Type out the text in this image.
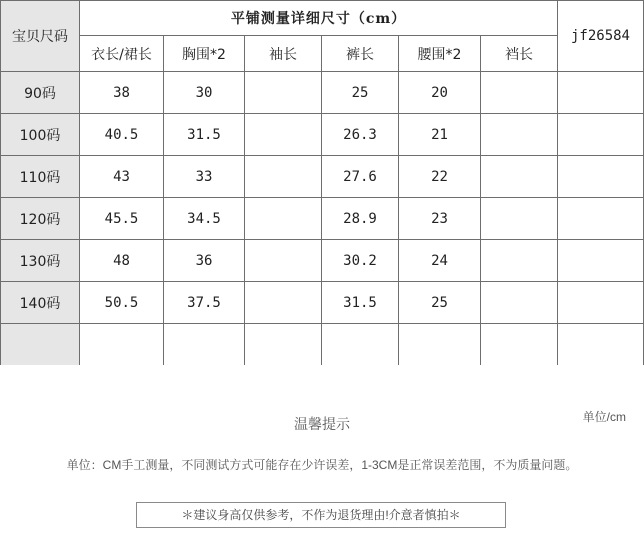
宝贝尺码	平铺测量详细尺寸（cm）						jf26584
	衣长/裙长	胸围*2	袖长	裤长	腰围*2	裆长	
90码	38	30		25	20		
100码	40.5	31.5		26.3	21		
110码	43	33		27.6	22		
120码	45.5	34.5		28.9	23		
130码	48	36		30.2	24		
140码	50.5	37.5		31.5	25		

温馨提示	单位/cm
单位：CM手工测量，不同测试方式可能存在少许误差，1-3CM是正常误差范围，不为质量问题。
＊建议身高仅供参考，不作为退货理由!介意者慎拍＊
